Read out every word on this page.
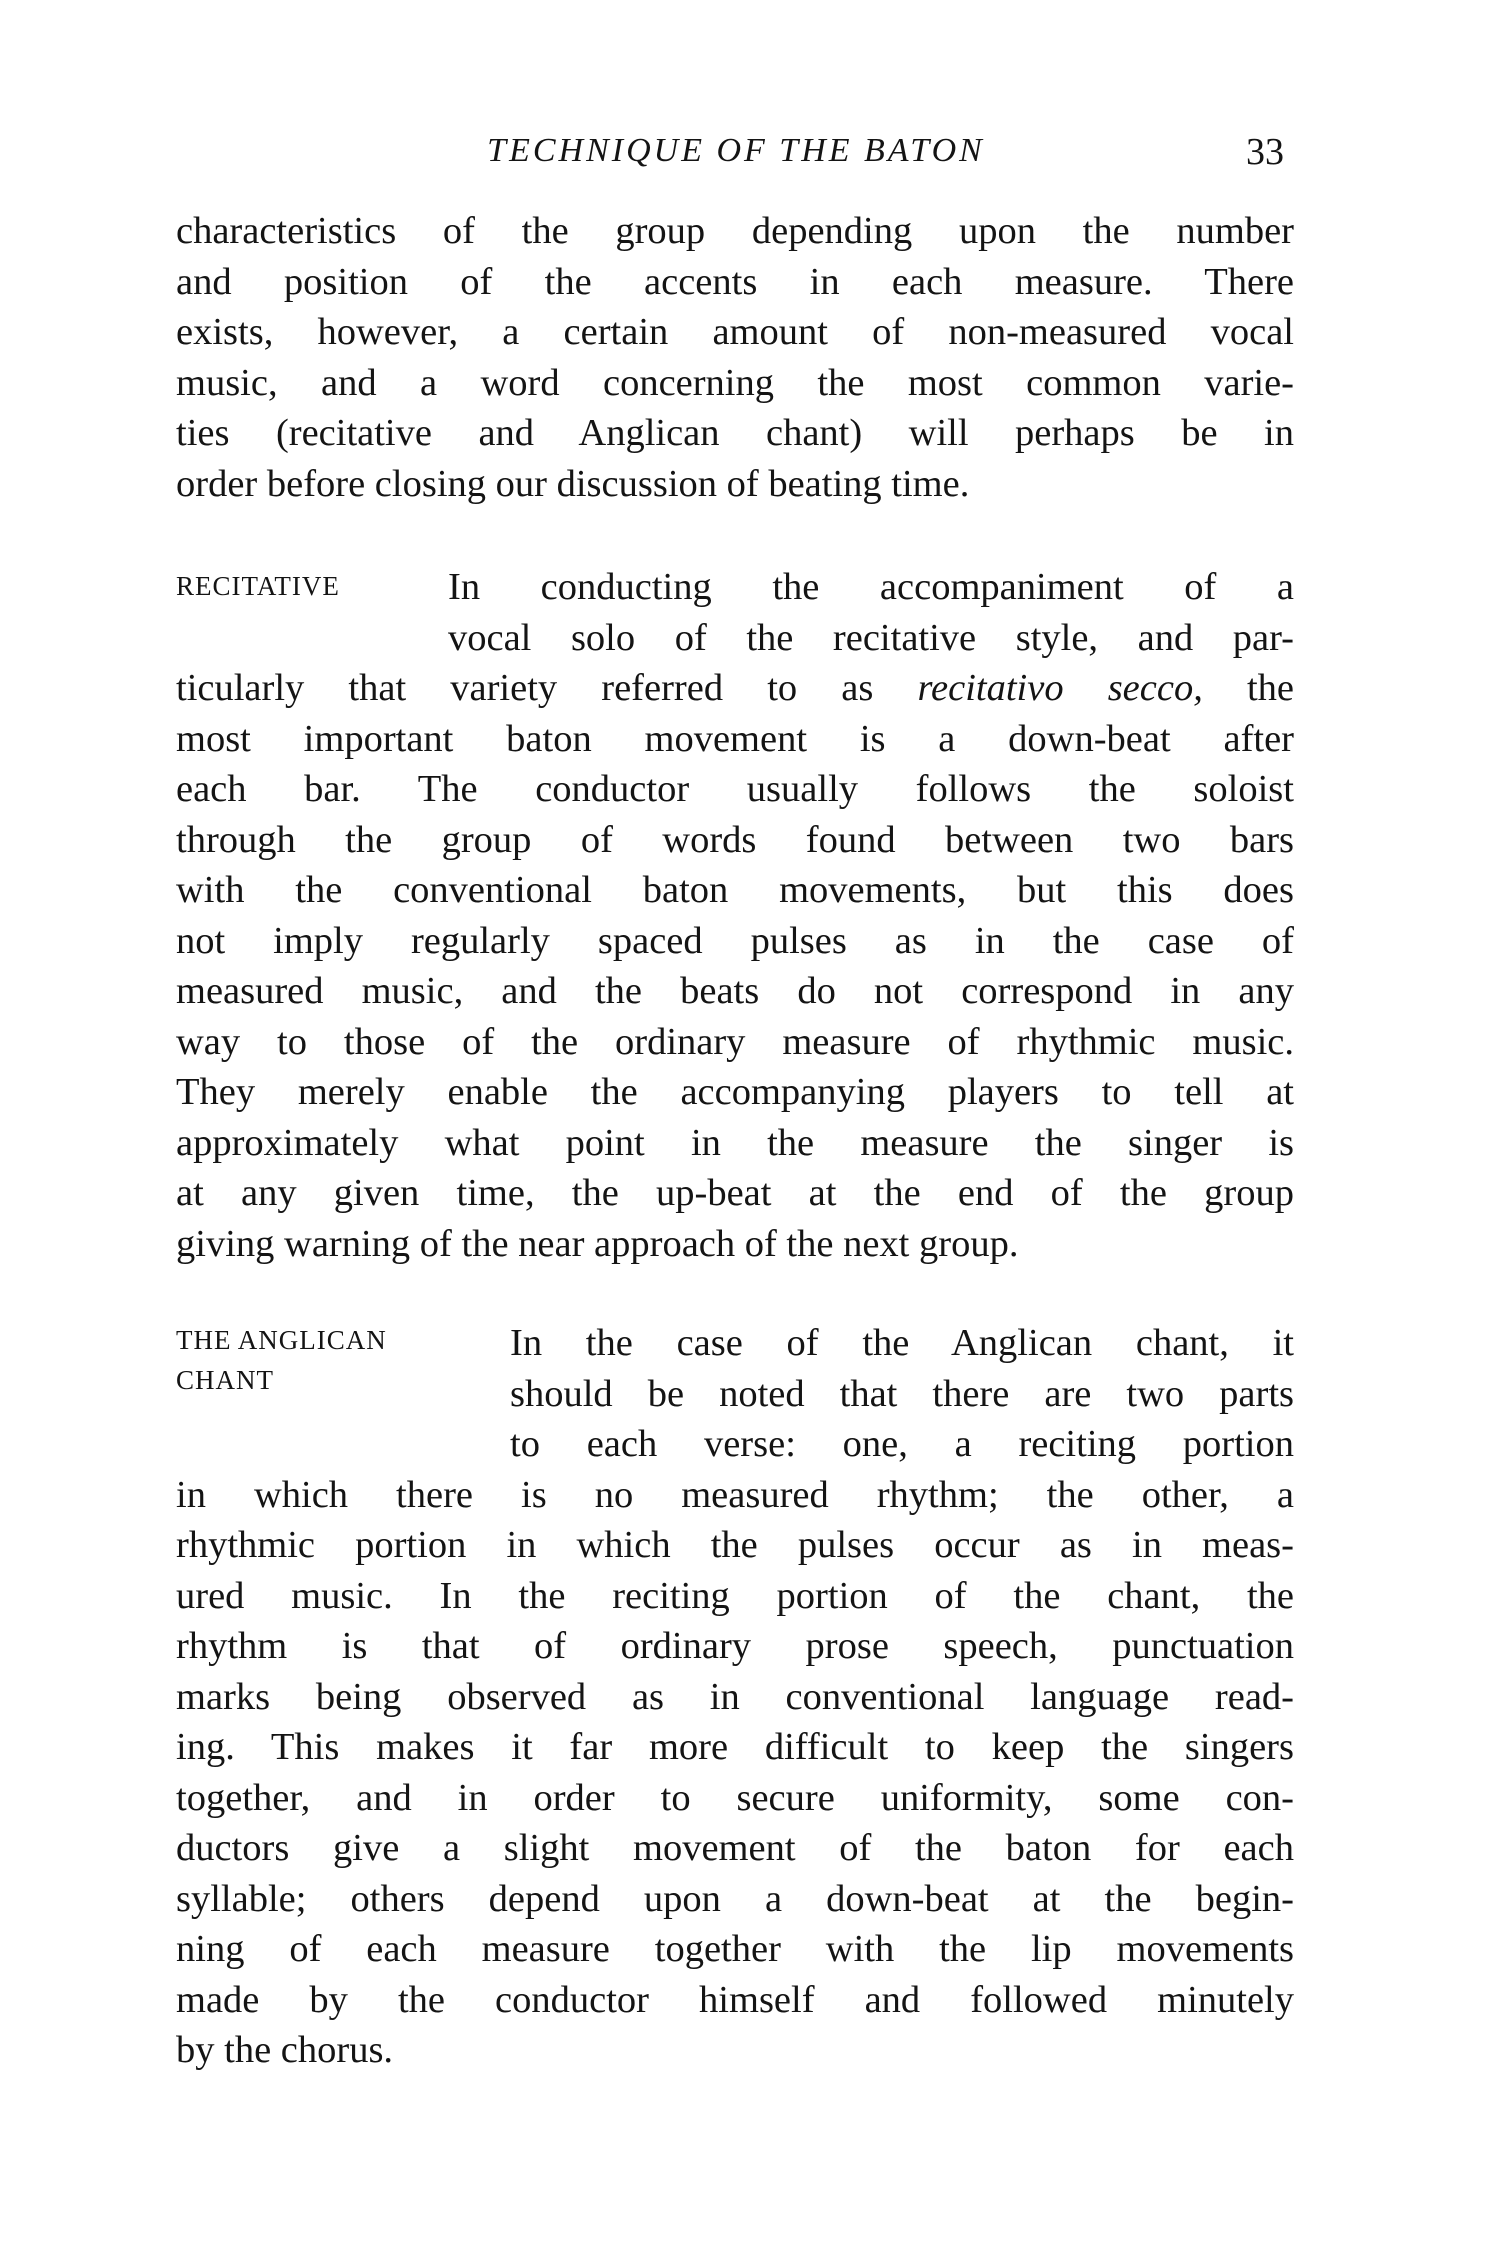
TECHNIQUE OF THE BATON	33
characteristics of the group depending upon the number
and position of the accents in each measure. There
exists, however, a certain amount of non-measured vocal
music, and a word concerning the most common varie-
ties (recitative and Anglican chant) will perhaps be in
order before closing our discussion of beating time.
RECITATIVE	In conducting the accompaniment of a
vocal solo of the recitative style, and par-
ticularly that variety referred to as recitativo secco, the
most important baton movement is a down-beat after
each bar. The conductor usually follows the soloist
through the group of words found between two bars
with the conventional baton movements, but this does
not imply regularly spaced pulses as in the case of
measured music, and the beats do not correspond in any
way to those of the ordinary measure of rhythmic music.
They merely enable the accompanying players to tell at
approximately what point in the measure the singer is
at any given time, the up-beat at the end of the group
giving warning of the near approach of the next group.
THE ANGLICAN
CHANT
In the case of the Anglican chant, it
should be noted that there are two parts
to each verse: one, a reciting portion
in which there is no measured rhythm; the other, a
rhythmic portion in which the pulses occur as in meas-
ured music. In the reciting portion of the chant, the
rhythm is that of ordinary prose speech, punctuation
marks being observed as in conventional language read-
ing. This makes it far more difficult to keep the singers
together, and in order to secure uniformity, some con-
ductors give a slight movement of the baton for each
syllable; others depend upon a down-beat at the begin-
ning of each measure together with the lip movements
made by the conductor himself and followed minutely
by the chorus.
